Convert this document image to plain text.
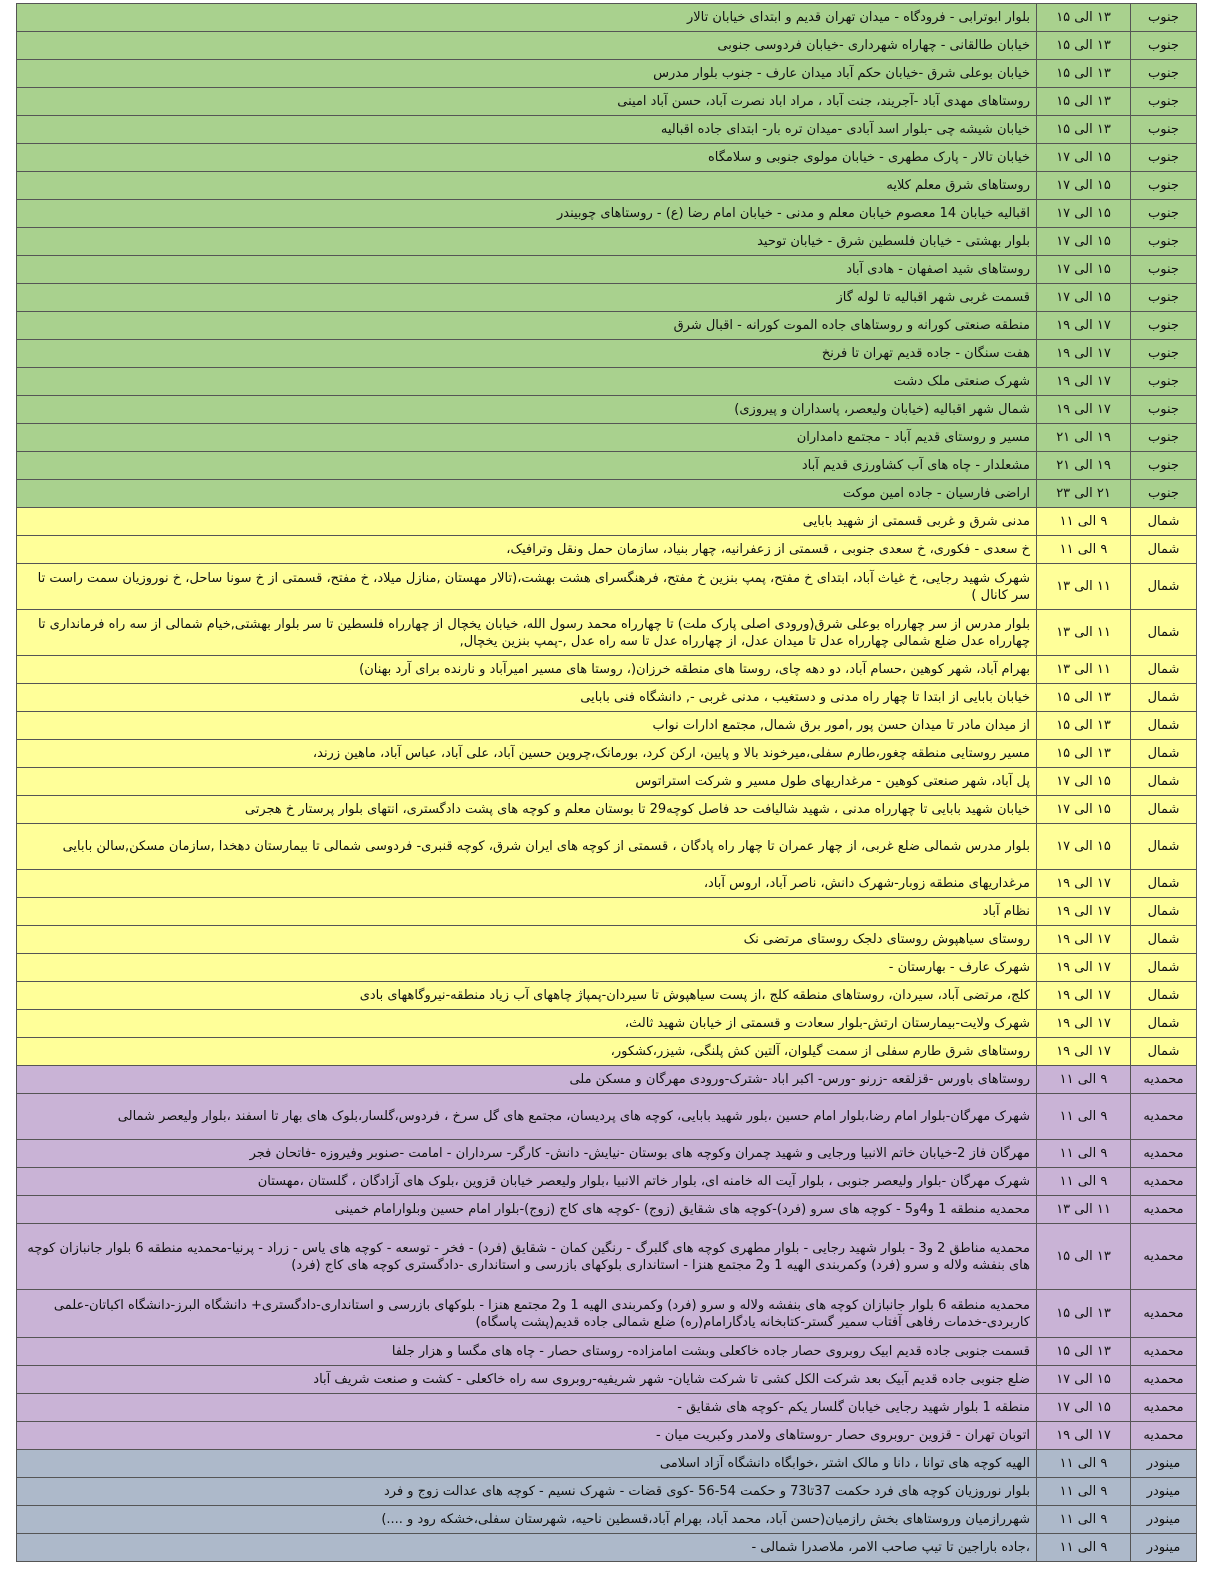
جنوب	۱۳ الی ۱۵	بلوار ابوترابی - فرودگاه - میدان تهران قدیم و ابتدای خیابان تالار
جنوب	۱۳ الی ۱۵	خیابان طالقانی - چهاراه شهرداری -خیابان فردوسی جنوبی
جنوب	۱۳ الی ۱۵	خیابان بوعلی شرق -خیابان حکم آباد میدان عارف - جنوب بلوار مدرس
جنوب	۱۳ الی ۱۵	روستاهای مهدی آباد -آجریند، جنت آباد ، مراد اباد نصرت آباد، حسن آباد امینی
جنوب	۱۳ الی ۱۵	خیابان شیشه چی -بلوار اسد آبادی -میدان تره بار- ابتدای جاده اقبالیه
جنوب	۱۵ الی ۱۷	خیابان تالار - پارک مطهری - خیابان مولوی جنوبی و سلامگاه
جنوب	۱۵ الی ۱۷	روستاهای شرق معلم کلایه
جنوب	۱۵ الی ۱۷	اقبالیه خیابان 14 معصوم خیابان معلم و مدنی - خیابان امام رضا (ع) - روستاهای چوبیندر
جنوب	۱۵ الی ۱۷	بلوار بهشتی - خیابان فلسطین شرق - خیابان توحید
جنوب	۱۵ الی ۱۷	روستاهای شید اصفهان - هادی آباد
جنوب	۱۵ الی ۱۷	قسمت غربی شهر اقبالیه تا لوله گاز
جنوب	۱۷ الی ۱۹	منطقه صنعتی کورانه و روستاهای جاده الموت کورانه - اقبال شرق
جنوب	۱۷ الی ۱۹	هفت سنگان - جاده قدیم تهران تا فرنخ
جنوب	۱۷ الی ۱۹	شهرک صنعتی ملک دشت
جنوب	۱۷ الی ۱۹	شمال شهر اقبالیه (خیابان ولیعصر، پاسداران و پیروزی)
جنوب	۱۹ الی ۲۱	مسیر و روستای قدیم آباد - مجتمع دامداران
جنوب	۱۹ الی ۲۱	مشعلدار - چاه های آب کشاورزی قدیم آباد
جنوب	۲۱ الی ۲۳	اراضی فارسیان - جاده امین موکت
شمال	۹ الی ۱۱	مدنی شرق و غربی قسمتی از شهید بابایی
شمال	۹ الی ۱۱	خ سعدی - فکوری، خ سعدی جنوبی ، قسمتی از زعفرانیه، چهار بنیاد، سازمان حمل ونقل وترافیک،
شمال	۱۱ الی ۱۳	شهرک شهید رجایی، خ غیاث آباد، ابتدای خ مفتح، پمپ بنزین خ مفتح، فرهنگسرای هشت بهشت،(تالار مهستان ,منازل میلاد، خ مفتح، قسمتی از خ سونا ساحل، خ نوروزیان سمت راست تا سر کانال )
شمال	۱۱ الی ۱۳	بلوار مدرس از سر چهارراه بوعلی شرق(ورودی اصلی پارک ملت) تا چهارراه محمد رسول الله، خیابان یخچال از چهارراه فلسطین تا سر بلوار بهشتی,خیام شمالی از سه راه فرمانداری تا چهارراه عدل ضلع شمالی چهارراه عدل تا میدان عدل، از چهارراه عدل تا سه راه عدل ,-پمپ بنزین یخچال,
شمال	۱۱ الی ۱۳	بهرام آباد، شهر کوهین ،حسام آباد، دو دهه چای، روستا های منطقه خرزان(، روستا های مسیر امیرآباد و نارنده برای آرد بهنان)
شمال	۱۳ الی ۱۵	خیابان بابایی از ابتدا تا چهار راه مدنی و دستغیب ، مدنی غربی -, دانشگاه فنی بابایی
شمال	۱۳ الی ۱۵	از میدان مادر تا میدان حسن پور ,امور برق شمال, مجتمع ادارات نواب
شمال	۱۳ الی ۱۵	مسیر روستایی منطقه چغور،طارم سفلی،میرخوند بالا و پایین، ارکن کرد، بورمانک،چروین حسین آباد، علی آباد، عباس آباد، ماهین زرند،
شمال	۱۵ الی ۱۷	پل آباد، شهر صنعتی کوهین - مرغداریهای طول مسیر و شرکت استراتوس
شمال	۱۵ الی ۱۷	خیابان شهید بابایی تا چهارراه مدنی ، شهید شالیافت حد فاصل کوچه29 تا بوستان معلم و کوچه های پشت دادگستری، انتهای بلوار پرستار خ هجرتی
شمال	۱۵ الی ۱۷	بلوار مدرس شمالی ضلع غربی، از چهار عمران تا چهار راه پادگان ، قسمتی از کوچه های ایران شرق، کوچه قنبری- فردوسی شمالی تا بیمارستان دهخدا ,سازمان مسکن,سالن بابایی
شمال	۱۷ الی ۱۹	مرغداریهای منطقه زوبار-شهرک دانش، ناصر آباد، اروس آباد،
شمال	۱۷ الی ۱۹	نظام آباد
شمال	۱۷ الی ۱۹	روستای سیاهپوش روستای دلجک روستای مرتضی نک
شمال	۱۷ الی ۱۹	شهرک عارف - بهارستان -
شمال	۱۷ الی ۱۹	کلج، مرتضی آباد، سیردان، روستاهای منطقه کلج ،از پست سیاهپوش تا سیردان-پمپاژ چاههای آب زیاد منطقه-نیروگاههای بادی
شمال	۱۷ الی ۱۹	شهرک ولایت-بیمارستان ارتش-بلوار سعادت و قسمتی از خیابان شهید ثالث،
شمال	۱۷ الی ۱۹	روستاهای شرق طارم سفلی از سمت گیلوان، آلتین کش پلنگی، شیزر،کشکور،
محمدیه	۹ الی ۱۱	روستاهای باورس -قزلقعه -زرنو -ورس- اکبر اباد -شترک-ورودی مهرگان و مسکن ملی
محمدیه	۹ الی ۱۱	شهرک مهرگان-بلوار امام رضا،بلوار امام حسین ،بلور شهید بابایی، کوچه های پردیسان، مجتمع های گل سرخ ، فردوس،گلسار،بلوک های بهار تا اسفند ،بلوار ولیعصر شمالی
محمدیه	۹ الی ۱۱	مهرگان فاز 2-خیابان خاتم الانبیا ورجایی و شهید چمران وکوچه های بوستان -نیایش- دانش- کارگر- سرداران - امامت -صنوبر وفیروزه -فاتحان فجر
محمدیه	۹ الی ۱۱	شهرک مهرگان -بلوار ولیعصر جنوبی ، بلوار آیت اله خامنه ای، بلوار خاتم الانبیا ،بلوار ولیعصر خیابان قزوین ،بلوک های آزادگان ، گلستان ،مهستان
محمدیه	۱۱ الی ۱۳	محمدیه منطقه 1 و4و5 - کوچه های سرو (فرد)-کوچه های شقایق (زوج) -کوچه های کاج (زوج)-بلوار امام حسین وبلوارامام خمینی
محمدیه	۱۳ الی ۱۵	محمدیه مناطق 2 و3 - بلوار شهید رجایی - بلوار مطهری کوچه های گلبرگ - رنگین کمان - شقایق (فرد) - فخر - توسعه - کوچه های یاس - زراد - پرنیا-محمدیه منطقه 6 بلوار جانبازان کوچه های بنفشه ولاله و سرو (فرد) وکمربندی الهیه 1 و2 مجتمع هنزا - استانداری بلوکهای بازرسی و استانداری -دادگستری کوچه های کاج (فرد)
محمدیه	۱۳ الی ۱۵	محمدیه منطقه 6 بلوار جانبازان کوچه های بنفشه ولاله و سرو (فرد) وکمربندی الهیه 1 و2 مجتمع هنزا - بلوکهای بازرسی و استانداری-دادگستری+ دانشگاه البرز-دانشگاه اکباتان-علمی کاربردی-خدمات رفاهی آفتاب سمیر گستر-کتابخانه یادگارامام(ره) ضلع شمالی جاده قدیم(پشت پاسگاه)
محمدیه	۱۳ الی ۱۵	قسمت جنوبی جاده قدیم ابیک روبروی حصار جاده خاکعلی وبشت امامزاده- روستای حصار - چاه های مگسا و هزار جلفا
محمدیه	۱۵ الی ۱۷	ضلع جنوبی جاده قدیم آبیک بعد شرکت الکل کشی تا شرکت شایان- شهر شریفیه-روبروی سه راه خاکعلی - کشت و صنعت شریف آباد
محمدیه	۱۵ الی ۱۷	منطقه 1 بلوار شهید رجایی خیابان گلسار یکم -کوچه های شقایق -
محمدیه	۱۷ الی ۱۹	اتوبان تهران - قزوین -روبروی حصار -روستاهای ولامدر وکبریت میان -
مینودر	۹ الی ۱۱	الهیه کوچه های توانا ، دانا و مالک اشتر ،خوابگاه دانشگاه آزاد اسلامی
مینودر	۹ الی ۱۱	بلوار نوروزیان کوچه های فرد حکمت 37تا73 و حکمت 54-56 -کوی قضات - شهرک نسیم - کوچه های عدالت زوج و فرد
مینودر	۹ الی ۱۱	شهررازمیان وروستاهای بخش رازمیان(حسن آباد، محمد آباد، بهرام آباد،قسطین ناحیه، شهرستان سفلی،خشکه رود و ....)
مینودر	۹ الی ۱۱	،جاده باراجین تا تیپ صاحب الامر، ملاصدرا شمالی -
